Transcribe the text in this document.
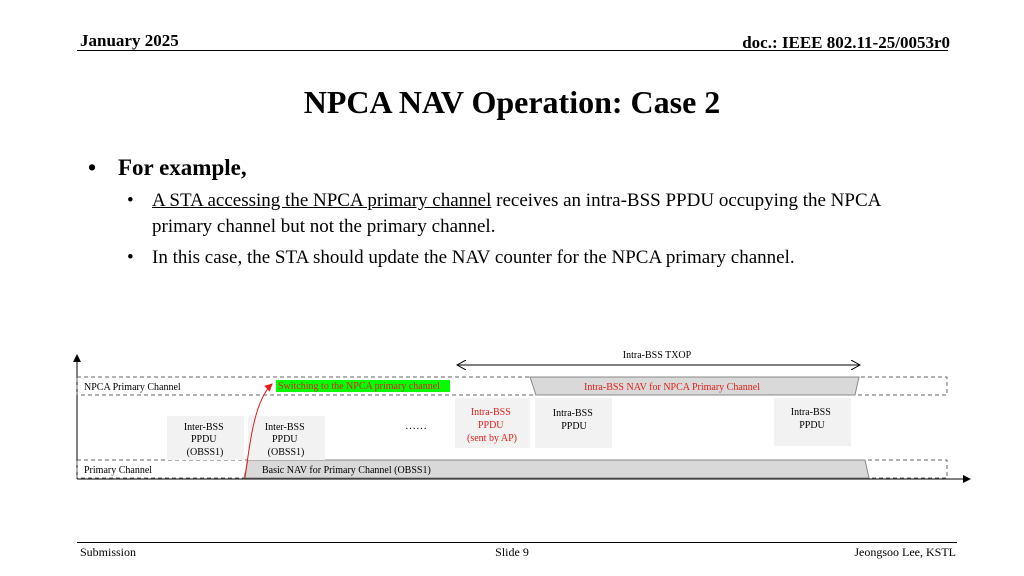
January 2025	doc.: IEEE 802.11-25/0053r0
NPCA NAV Operation: Case 2
• For example,
• A STA accessing the NPCA primary channel receives an intra-BSS PPDU occupying the NPCA primary channel but not the primary channel.
• In this case, the STA should update the NAV counter for the NPCA primary channel.
Intra-BSS TXOP
NPCA Primary Channel	Switching to the NPCA primary channel	Intra-BSS NAV for NPCA Primary Channel
Primary Channel	Basic NAV for Primary Channel (OBSS1)
Inter-BSS PPDU (OBSS1)
Inter-BSS PPDU (OBSS1)
……
Intra-BSS PPDU (sent by AP)
Intra-BSS PPDU
Intra-BSS PPDU
Submission	Slide 9	Jeongsoo Lee, KSTL
